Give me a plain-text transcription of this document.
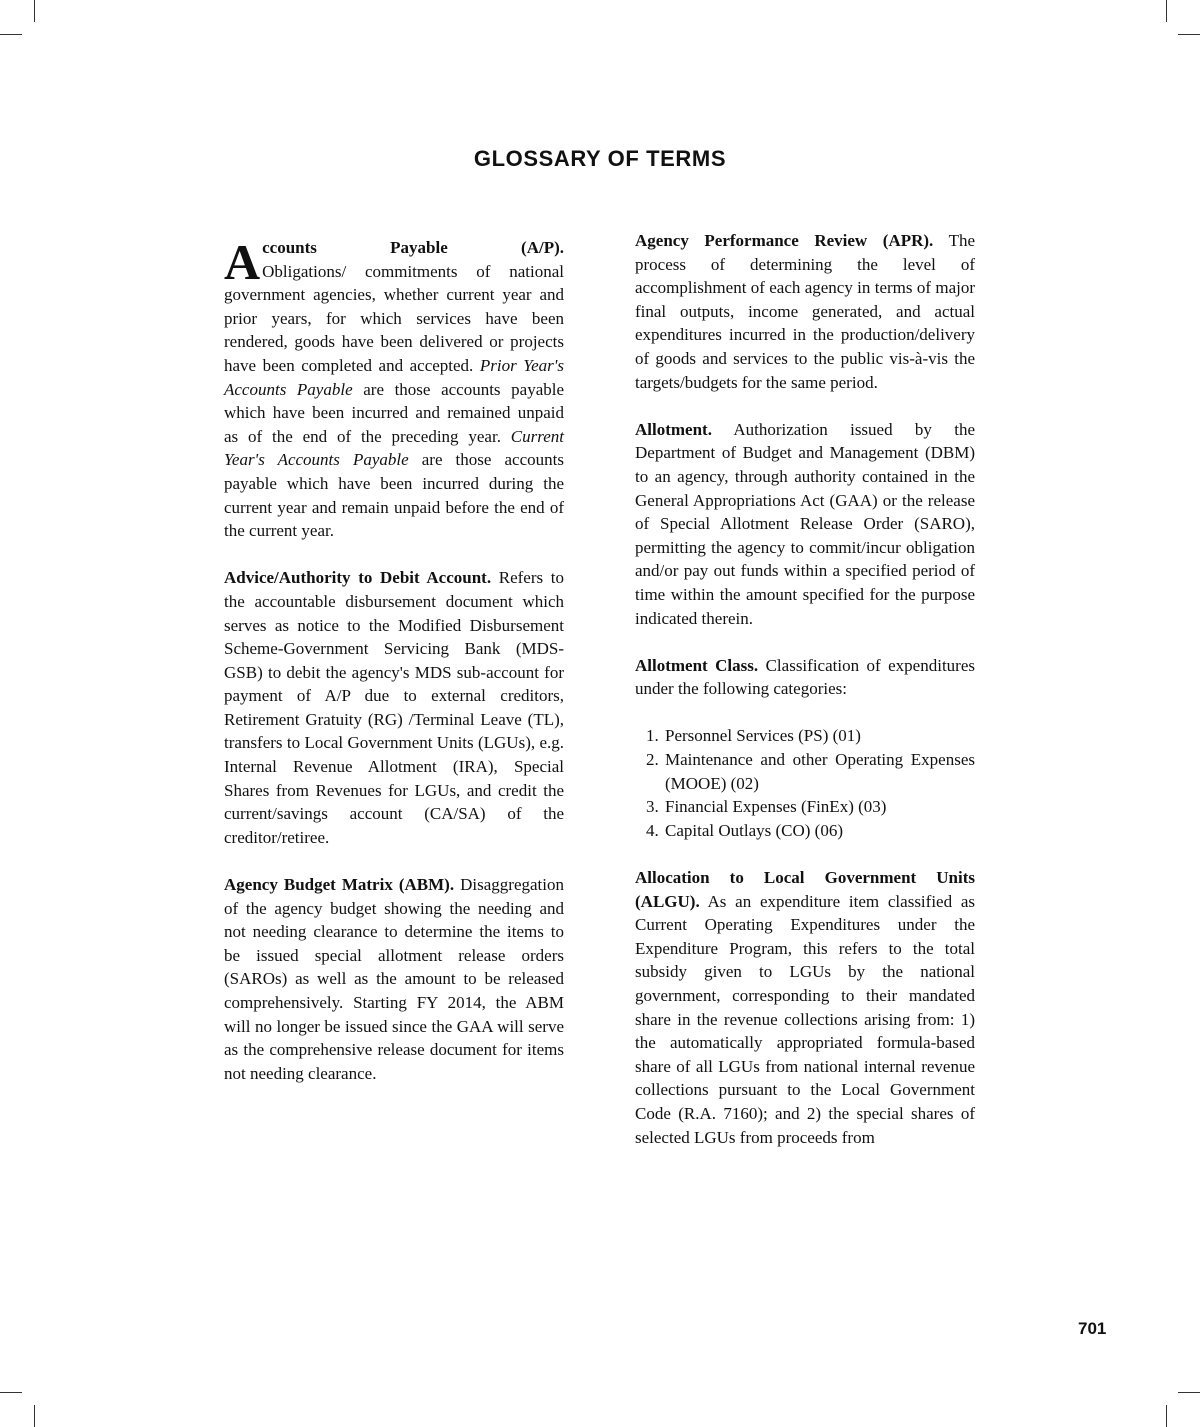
GLOSSARY OF TERMS

A ccounts Payable (A/P).
Obligations/ commitments of national government agencies, whether current year and prior years, for which services have been rendered, goods have been delivered or projects have been completed and accepted. Prior Year's Accounts Payable are those accounts payable which have been incurred and remained unpaid as of the end of the preceding year. Current Year's Accounts Payable are those accounts payable which have been incurred during the current year and remain unpaid before the end of the current year.

Advice/Authority to Debit Account. Refers to the accountable disbursement document which serves as notice to the Modified Disbursement Scheme-Government Servicing Bank (MDS-GSB) to debit the agency's MDS sub-account for payment of A/P due to external creditors, Retirement Gratuity (RG) /Terminal Leave (TL), transfers to Local Government Units (LGUs), e.g. Internal Revenue Allotment (IRA), Special Shares from Revenues for LGUs, and credit the current/savings account (CA/SA) of the creditor/retiree.

Agency Budget Matrix (ABM). Disaggregation of the agency budget showing the needing and not needing clearance to determine the items to be issued special allotment release orders (SAROs) as well as the amount to be released comprehensively. Starting FY 2014, the ABM will no longer be issued since the GAA will serve as the comprehensive release document for items not needing clearance.

Agency Performance Review (APR). The process of determining the level of accomplishment of each agency in terms of major final outputs, income generated, and actual expenditures incurred in the production/delivery of goods and services to the public vis-à-vis the targets/budgets for the same period.

Allotment. Authorization issued by the Department of Budget and Management (DBM) to an agency, through authority contained in the General Appropriations Act (GAA) or the release of Special Allotment Release Order (SARO), permitting the agency to commit/incur obligation and/or pay out funds within a specified period of time within the amount specified for the purpose indicated therein.

Allotment Class. Classification of expenditures under the following categories:

1. Personnel Services (PS) (01)
2. Maintenance and other Operating Expenses (MOOE) (02)
3. Financial Expenses (FinEx) (03)
4. Capital Outlays (CO) (06)

Allocation to Local Government Units (ALGU). As an expenditure item classified as Current Operating Expenditures under the Expenditure Program, this refers to the total subsidy given to LGUs by the national government, corresponding to their mandated share in the revenue collections arising from: 1) the automatically appropriated formula-based share of all LGUs from national internal revenue collections pursuant to the Local Government Code (R.A. 7160); and 2) the special shares of selected LGUs from proceeds from

701
